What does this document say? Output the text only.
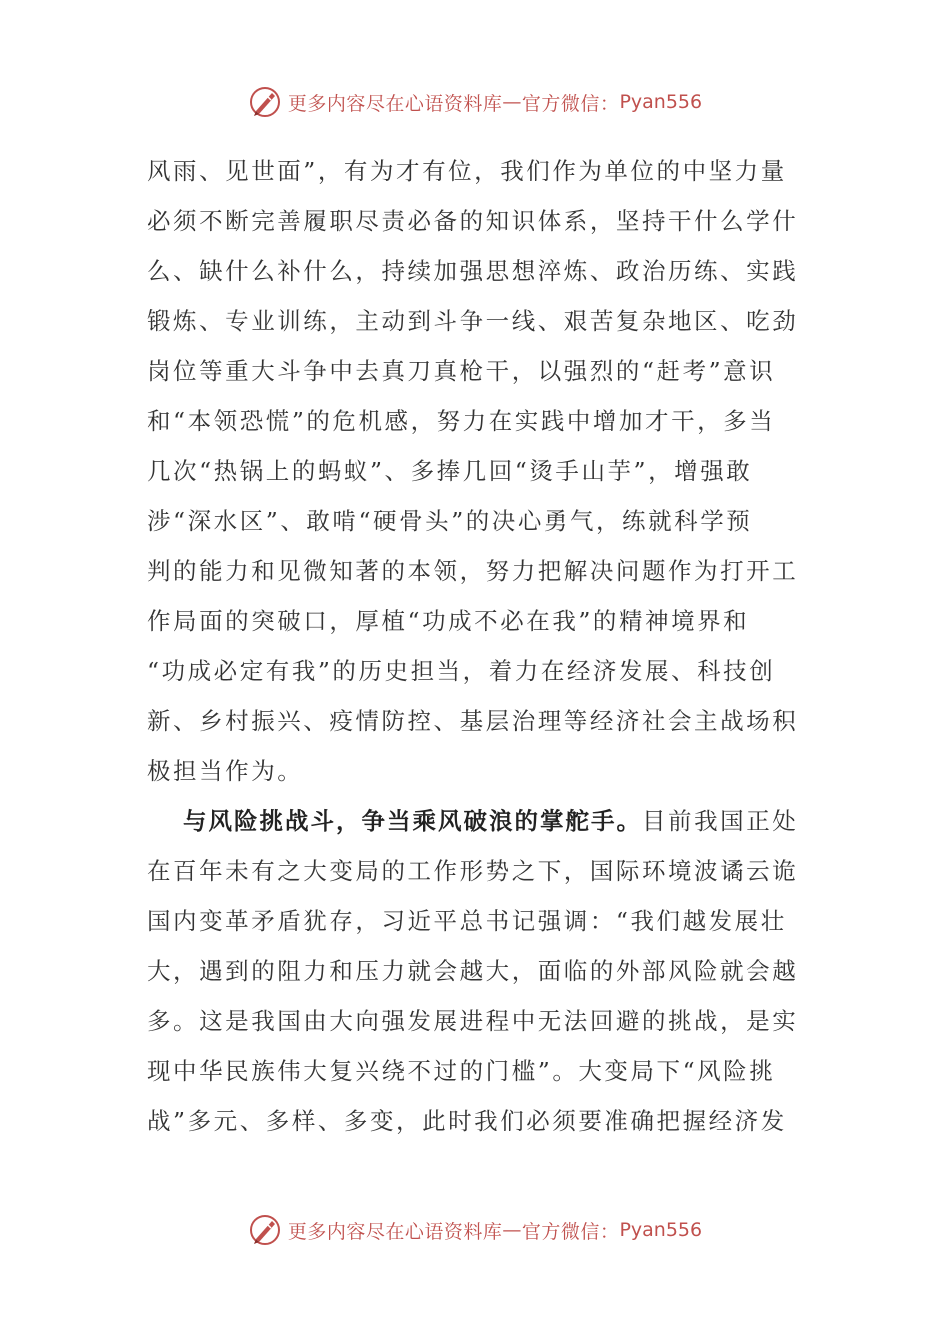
更多内容尽在心语资料库 — 官方微信： Pyan556
风雨、见世面”，有为才有位，我们作为单位的中坚力量
必须不断完善履职尽责必备的知识体系，坚持干什么学什
么、缺什么补什么，持续加强思想淬炼、政治历练、实践
锻炼、专业训练，主动到斗争一线、艰苦复杂地区、吃劲
岗位等重大斗争中去真刀真枪干，以强烈的“赶考”意识
和“本领恐慌”的危机感，努力在实践中增加才干，多当
几次“热锅上的蚂蚁”、多捧几回“烫手山芋”，增强敢
涉“深水区”、敢啃“硬骨头”的决心勇气，练就科学预
判的能力和见微知著的本领，努力把解决问题作为打开工
作局面的突破口，厚植“功成不必在我”的精神境界和
“功成必定有我”的历史担当，着力在经济发展、科技创
新、乡村振兴、疫情防控、基层治理等经济社会主战场积
极担当作为。
与风险挑战斗，争当乘风破浪的掌舵手。目前我国正处
在百年未有之大变局的工作形势之下，国际环境波谲云诡
国内变革矛盾犹存，习近平总书记强调：“我们越发展壮
大，遇到的阻力和压力就会越大，面临的外部风险就会越
多。这是我国由大向强发展进程中无法回避的挑战，是实
现中华民族伟大复兴绕不过的门槛”。大变局下“风险挑
战”多元、多样、多变，此时我们必须要准确把握经济发
更多内容尽在心语资料库 — 官方微信： Pyan556
